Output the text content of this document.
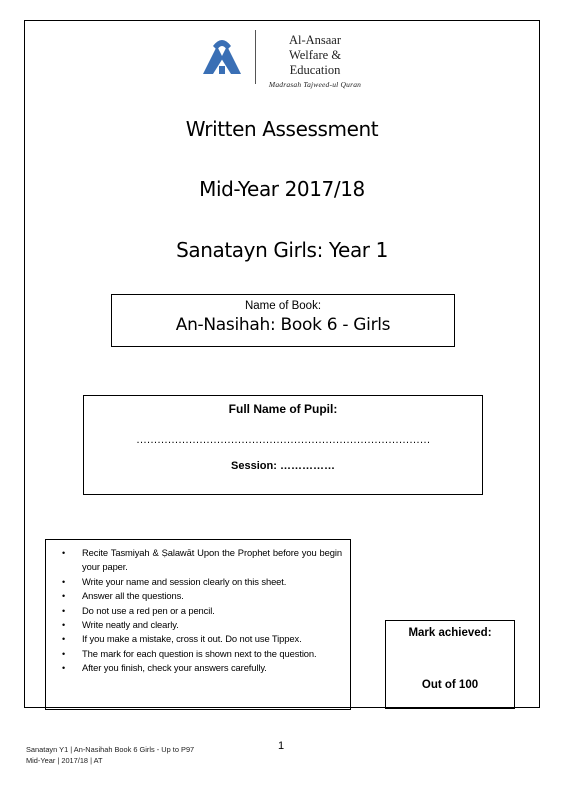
Al-Ansaar
Welfare & Education
Madrasah Tajweed-ul Quran
Written Assessment
Mid-Year 2017/18
Sanatayn Girls: Year 1
Name of Book:
An-Nasihah: Book 6 - Girls
Full Name of Pupil:
…………………………………………………………………………
Session: ……………
• Recite Tasmiyah & Ṣalawāt Upon the Prophet before you begin your paper.
• Write your name and session clearly on this sheet.
• Answer all the questions.
• Do not use a red pen or a pencil.
• Write neatly and clearly.
• If you make a mistake, cross it out. Do not use Tippex.
• The mark for each question is shown next to the question.
• After you finish, check your answers carefully.
Mark achieved:
Out of 100
Sanatayn Y1 | An-Nasihah Book 6 Girls - Up to P97
Mid-Year | 2017/18 | AT
1
